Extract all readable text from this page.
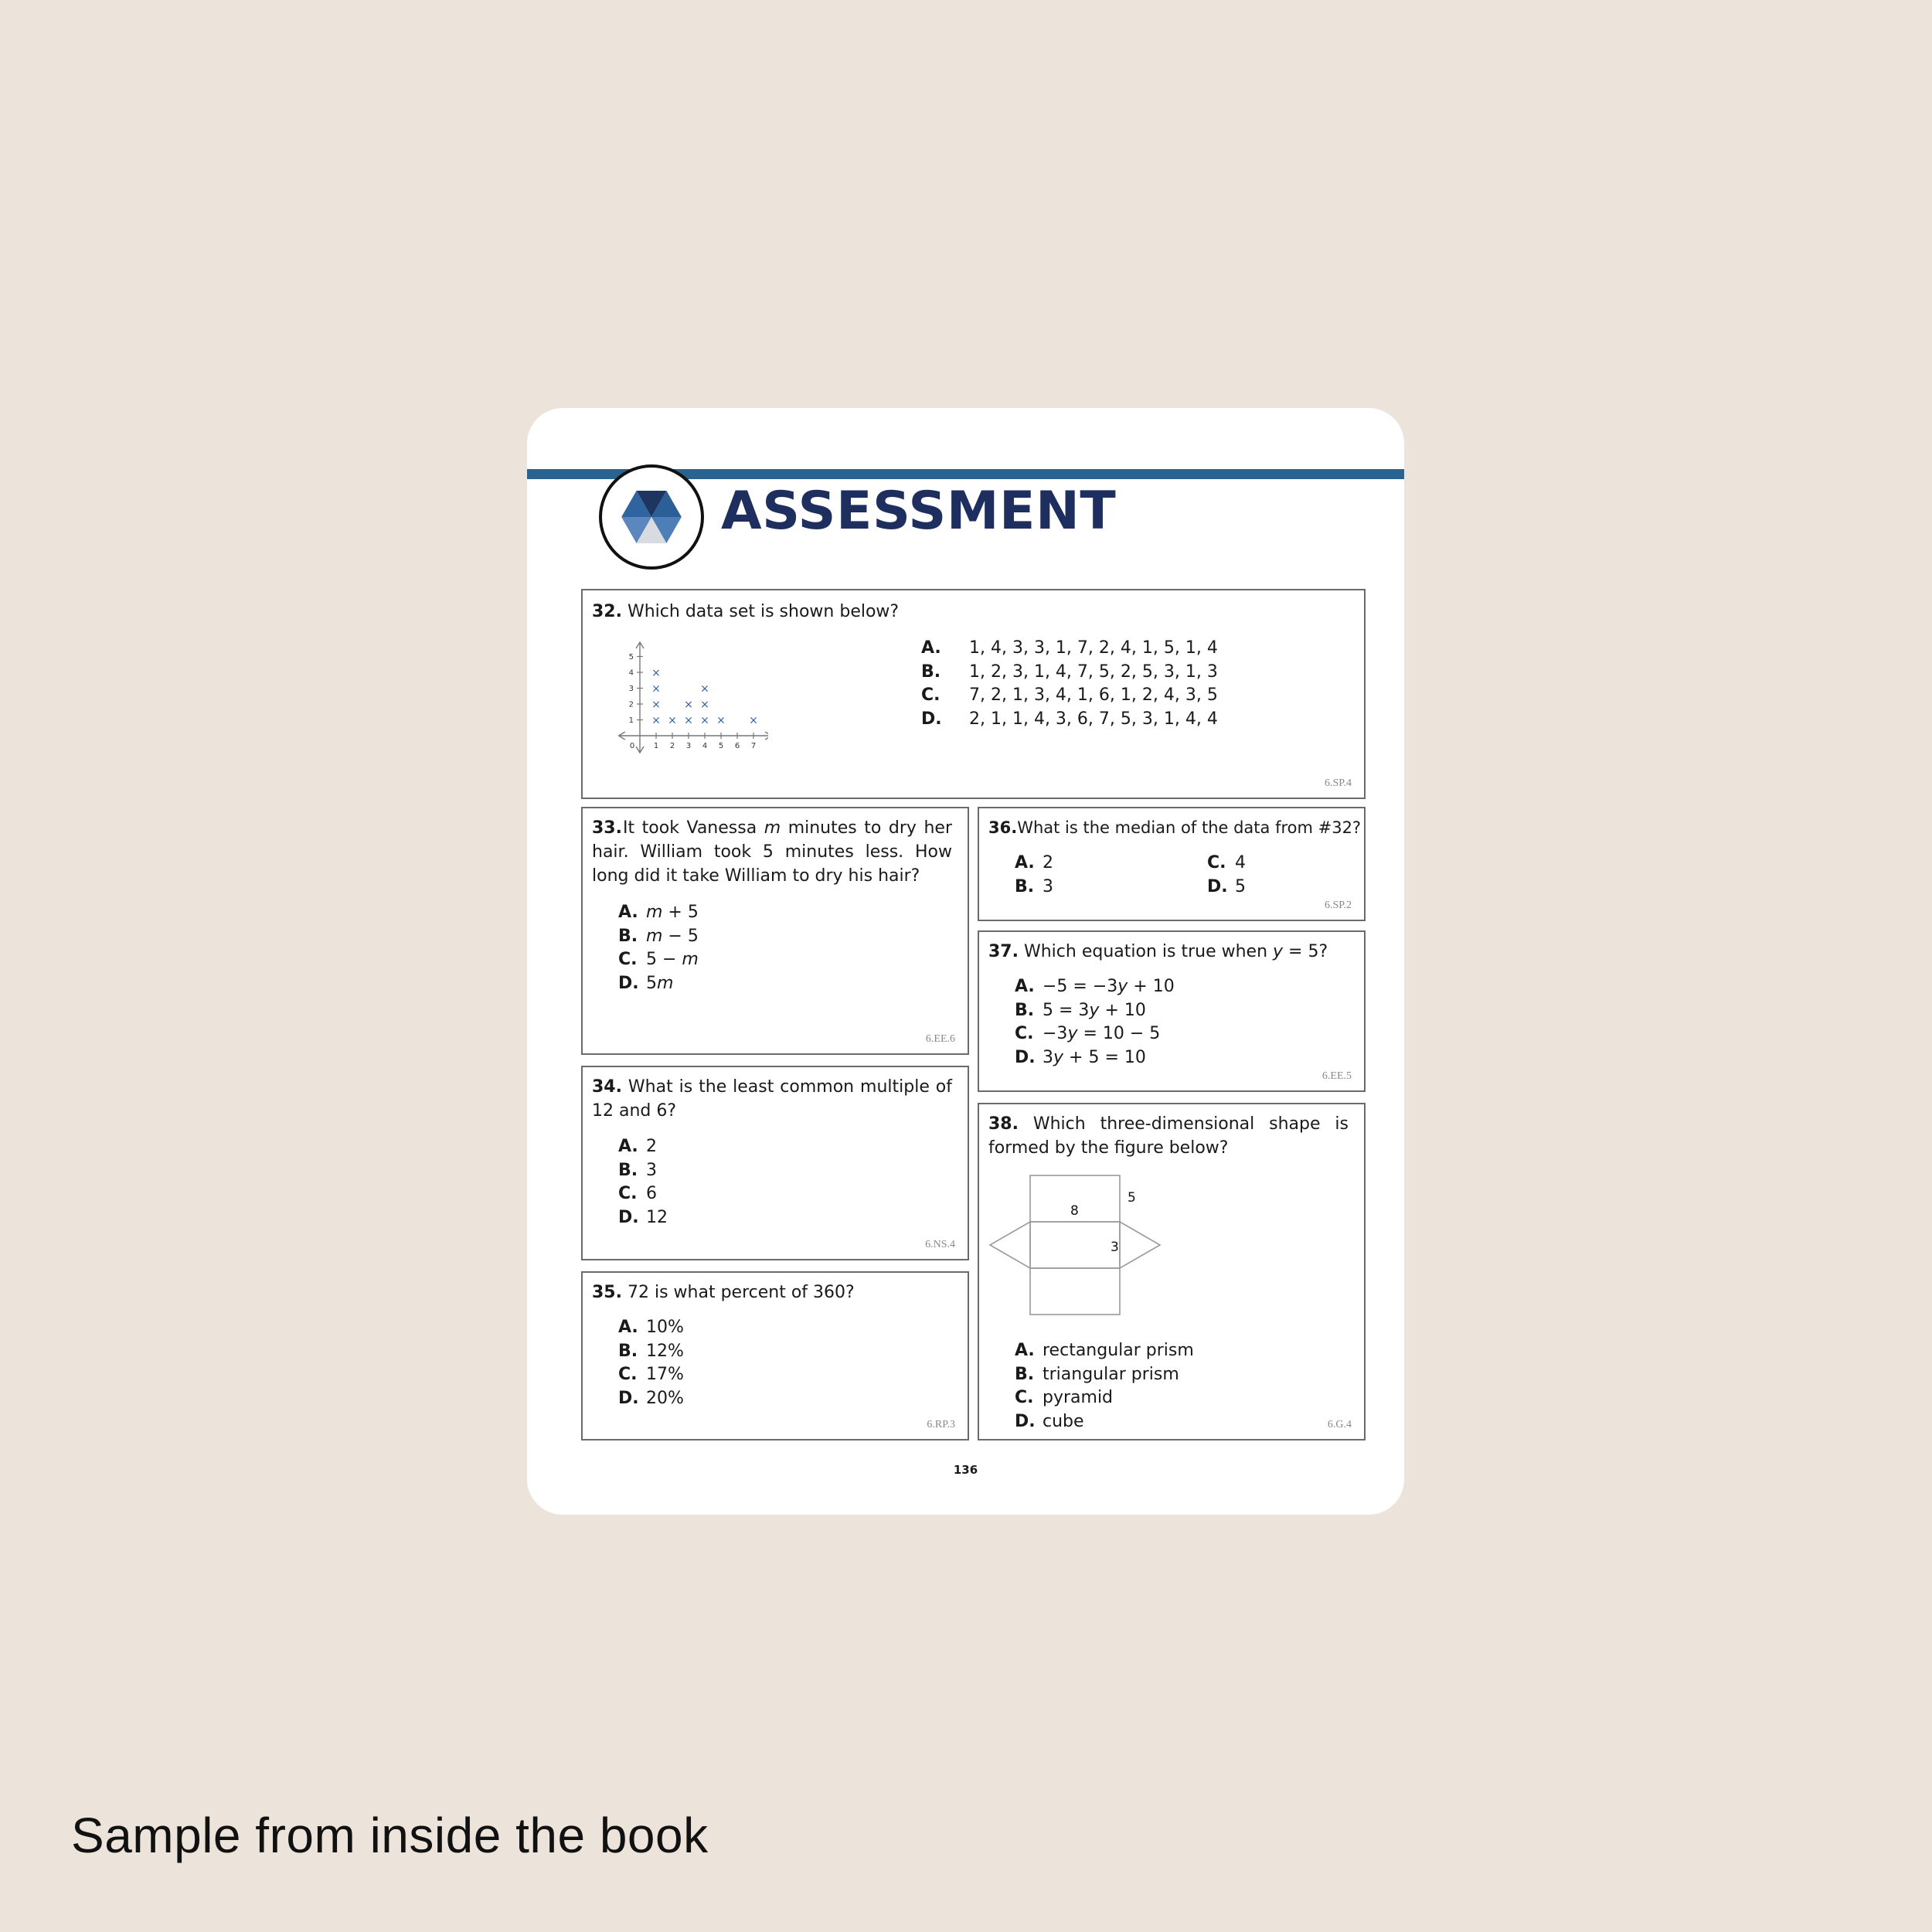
Sample from inside the book
ASSESSMENT
32. Which data set is shown below?
0 1 2 3 4 5 6 7
1
2
3
4
5
×
×
×
×
× ×
×
×
×
×
× ×
A. 1, 4, 3, 3, 1, 7, 2, 4, 1, 5, 1, 4
B. 1, 2, 3, 1, 4, 7, 5, 2, 5, 3, 1, 3
C. 7, 2, 1, 3, 4, 1, 6, 1, 2, 4, 3, 5
D. 2, 1, 1, 4, 3, 6, 7, 5, 3, 1, 4, 4
6.SP.4
33.It took Vanessa m minutes to dry her hair. William took 5 minutes less. How long did it take William to dry his hair?
A. m + 5
B. m − 5
C. 5 − m
D. 5m
6.EE.6
34. What is the least common multiple of 12 and 6?
A. 2
B. 3
C. 6
D. 12
6.NS.4
35. 72 is what percent of 360?
A. 10%
B. 12%
C. 17%
D. 20%
6.RP.3
36.What is the median of the data from #32?
A. 2
B. 3
C. 4
D. 5
6.SP.2
37. Which equation is true when y = 5?
A. −5 = −3y + 10
B. 5 = 3y + 10
C. −3y = 10 − 5
D. 3y + 5 = 10
6.EE.5
38. Which three-dimensional shape is formed by the figure below?
5
8
3
A. rectangular prism
B. triangular prism
C. pyramid
D. cube	6.G.4
136
